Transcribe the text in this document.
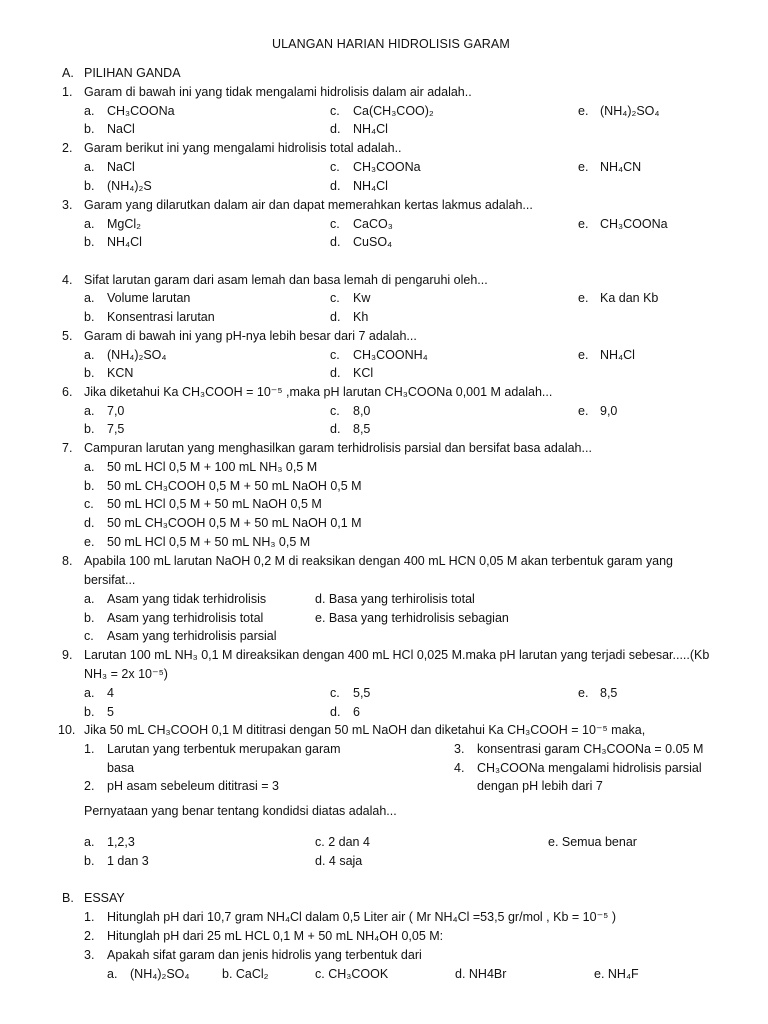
ULANGAN HARIAN HIDROLISIS GARAM
A. PILIHAN GANDA
1. Garam di bawah ini yang tidak mengalami hidrolisis dalam air adalah..
a. CH₃COONa	c. Ca(CH₃COO)₂	e. (NH₄)₂SO₄
b. NaCl	d. NH₄Cl
2. Garam berikut ini yang mengalami hidrolisis total adalah..
a. NaCl	c. CH₃COONa	e. NH₄CN
b. (NH₄)₂S	d. NH₄Cl
3. Garam yang dilarutkan dalam air dan dapat memerahkan kertas lakmus adalah...
a. MgCl₂	c. CaCO₃	e. CH₃COONa
b. NH₄Cl	d. CuSO₄
4. Sifat larutan garam dari asam lemah dan basa lemah di pengaruhi oleh...
a. Volume larutan	c. Kw	e. Ka dan Kb
b. Konsentrasi larutan	d. Kh
5. Garam di bawah ini yang pH-nya lebih besar dari 7 adalah...
a. (NH₄)₂SO₄	c. CH₃COONH₄	e. NH₄Cl
b. KCN	d. KCl
6. Jika diketahui Ka CH₃COOH = 10⁻⁵ ,maka pH larutan CH₃COONa 0,001 M adalah...
a. 7,0	c. 8,0	e. 9,0
b. 7,5	d. 8,5
7. Campuran larutan yang menghasilkan garam terhidrolisis parsial dan bersifat basa adalah...
a. 50 mL HCl 0,5 M + 100 mL NH₃ 0,5 M
b. 50 mL CH₃COOH 0,5 M + 50 mL NaOH 0,5 M
c. 50 mL HCl 0,5 M + 50 mL NaOH 0,5 M
d. 50 mL CH₃COOH 0,5 M + 50 mL NaOH 0,1 M
e. 50 mL HCl 0,5 M + 50 mL NH₃ 0,5 M
8. Apabila 100 mL larutan NaOH 0,2 M di reaksikan dengan 400 mL HCN 0,05 M akan terbentuk garam yang
bersifat...
a. Asam yang tidak terhidrolisis	d. Basa yang terhirolisis total
b. Asam yang terhidrolisis total	e. Basa yang terhidrolisis sebagian
c. Asam yang terhidrolisis parsial
9. Larutan 100 mL NH₃ 0,1 M direaksikan dengan 400 mL HCl 0,025 M.maka pH larutan yang terjadi sebesar.....(Kb
NH₃ = 2x 10⁻⁵)
a. 4	c. 5,5	e. 8,5
b. 5	d. 6
10. Jika 50 mL CH₃COOH 0,1 M dititrasi dengan 50 mL NaOH dan diketahui Ka CH₃COOH = 10⁻⁵ maka,
1. Larutan yang terbentuk merupakan garam
basa
2. pH asam sebeleum dititrasi = 3
3. konsentrasi garam CH₃COONa = 0.05 M
4. CH₃COONa mengalami hidrolisis parsial
dengan pH lebih dari 7
Pernyataan yang benar tentang kondidsi diatas adalah...
a. 1,2,3	c. 2 dan 4	e. Semua benar
b. 1 dan 3	d. 4 saja
B. ESSAY
1. Hitunglah pH dari 10,7 gram NH₄Cl dalam 0,5 Liter air ( Mr NH₄Cl =53,5 gr/mol , Kb = 10⁻⁵ )
2. Hitunglah pH dari 25 mL HCL 0,1 M + 50 mL NH₄OH 0,05 M:
3. Apakah sifat garam dan jenis hidrolis yang terbentuk dari
a. (NH₄)₂SO₄	b. CaCl₂	c. CH₃COOK	d. NH4Br	e. NH₄F
